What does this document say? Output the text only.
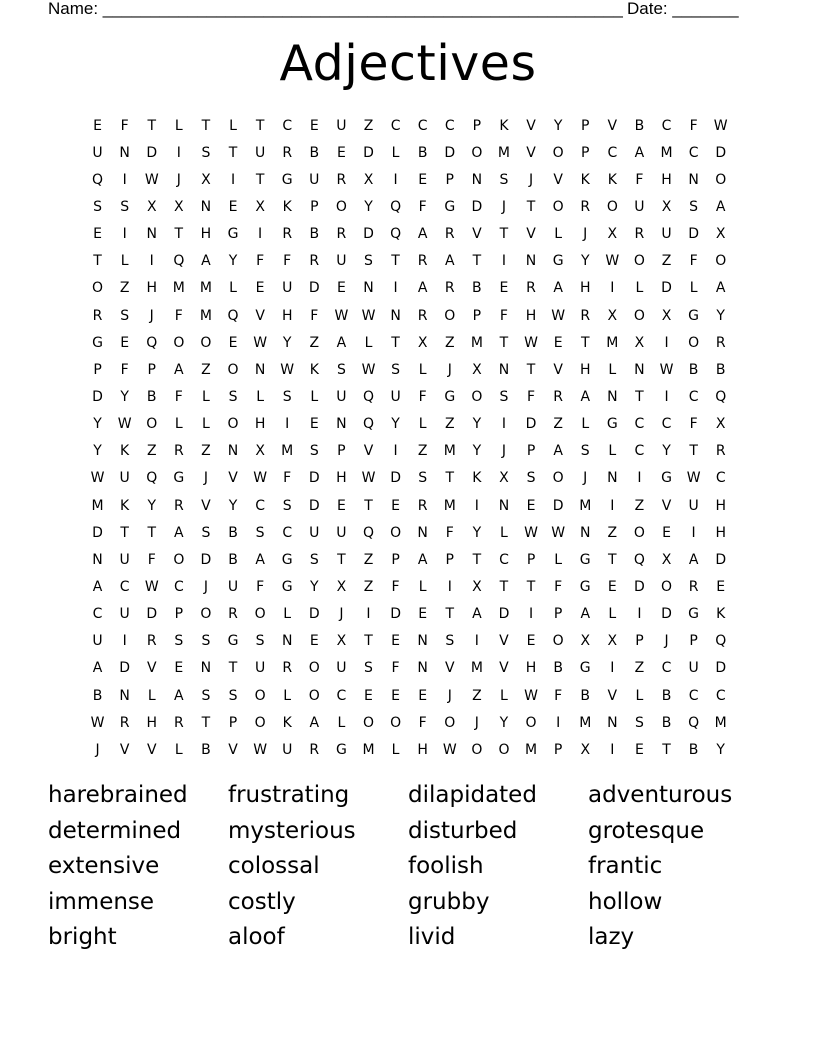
Name: _______________________________________________________ Date: _______
Adjectives
E	F	T	L	T	L	T	C	E	U	Z	C	C	C	P	K	V	Y	P	V	B	C	F	W
U	N	D	I	S	T	U	R	B	E	D	L	B	D	O	M	V	O	P	C	A	M	C	D
Q	I	W	J	X	I	T	G	U	R	X	I	E	P	N	S	J	V	K	K	F	H	N	O
S	S	X	X	N	E	X	K	P	O	Y	Q	F	G	D	J	T	O	R	O	U	X	S	A
E	I	N	T	H	G	I	R	B	R	D	Q	A	R	V	T	V	L	J	X	R	U	D	X
T	L	I	Q	A	Y	F	F	R	U	S	T	R	A	T	I	N	G	Y	W	O	Z	F	O
O	Z	H	M	M	L	E	U	D	E	N	I	A	R	B	E	R	A	H	I	L	D	L	A
R	S	J	F	M	Q	V	H	F	W W	N	R	O	P	F	H	W	R	X	O	X	G	Y
G	E	Q	O	O	E	W	Y	Z	A	L	T	X	Z	M	T	W	E	T	M	X	I	O	R
P	F	P	A	Z	O	N	W	K	S	W	S	L	J	X	N	T	V	H	L	N	W	B	B
D	Y	B	F	L	S	L	S	L	U	Q	U	F	G	O	S	F	R	A	N	T	I	C	Q
Y	W	O	L	L	O	H	I	E	N	Q	Y	L	Z	Y	I	D	Z	L	G	C	C	F	X
Y	K	Z	R	Z	N	X	M	S	P	V	I	Z	M	Y	J	P	A	S	L	C	Y	T	R
W	U	Q	G	J	V	W	F	D	H	W	D	S	T	K	X	S	O	J	N	I	G	W	C
M	K	Y	R	V	Y	C	S	D	E	T	E	R	M	I	N	E	D	M	I	Z	V	U	H
D	T	T	A	S	B	S	C	U	U	Q	O	N	F	Y	L	W W	N	Z	O	E	I	H
N	U	F	O	D	B	A	G	S	T	Z	P	A	P	T	C	P	L	G	T	Q	X	A	D
A	C	W	C	J	U	F	G	Y	X	Z	F	L	I	X	T	T	F	G	E	D	O	R	E
C	U	D	P	O	R	O	L	D	J	I	D	E	T	A	D	I	P	A	L	I	D	G	K
U	I	R	S	S	G	S	N	E	X	T	E	N	S	I	V	E	O	X	X	P	J	P	Q
A	D	V	E	N	T	U	R	O	U	S	F	N	V	M	V	H	B	G	I	Z	C	U	D
B	N	L	A	S	S	O	L	O	C	E	E	E	J	Z	L	W	F	B	V	L	B	C	C
W	R	H	R	T	P	O	K	A	L	O	O	F	O	J	Y	O	I	M	N	S	B	Q	M
J	V	V	L	B	V	W	U	R	G	M	L	H	W	O	O	M	P	X	I	E	T	B	Y
harebrained	frustrating	dilapidated	adventurous
determined	mysterious	disturbed	grotesque
extensive	colossal	foolish	frantic
immense	costly	grubby	hollow
bright	aloof	livid	lazy
